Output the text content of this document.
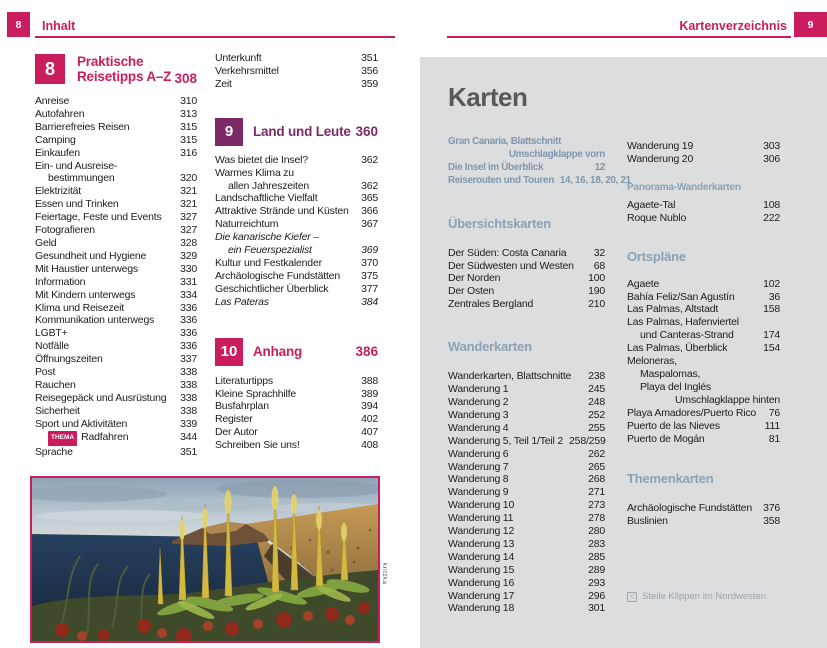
8	Inhalt
8	Praktische
Reisetipps A–Z 308
Anreise	310
Autofahren	313
Barrierefreies Reisen	315
Camping	315
Einkaufen	316
Ein- und Ausreise-
bestimmungen	320
Elektrizität	321
Essen und Trinken	321
Feiertage, Feste und Events	327
Fotografieren	327
Geld	328
Gesundheit und Hygiene	329
Mit Haustier unterwegs	330
Information	331
Mit Kindern unterwegs	334
Klima und Reisezeit	336
Kommunikation unterwegs	336
LGBT+	336
Notfälle	336
Öffnungszeiten	337
Post	338
Rauchen	338
Reisegepäck und Ausrüstung	338
Sicherheit	338
Sport und Aktivitäten	339
THEMA Radfahren	344
Sprache	351
Unterkunft	351
Verkehrsmittel	356
Zeit	359
9	Land und Leute 360
Was bietet die Insel?	362
Warmes Klima zu
allen Jahreszeiten	362
Landschaftliche Vielfalt	365
Attraktive Strände und Küsten	366
Naturreichtum	367
Die kanarische Kiefer –
ein Feuerspezialist	369
Kultur und Festkalender	370
Archäologische Fundstätten	375
Geschichtlicher Überblick	377
Las Pateras	384
10	Anhang	386
Literaturtipps	388
Kleine Sprachhilfe	389
Busfahrplan	394
Register	402
Der Autor	407
Schreiben Sie uns!	408
kritzka
Kartenverzeichnis	9
Karten
Gran Canaria, Blattschnitt
Umschlagklappe vorn
Die Insel im Überblick	12
Reiserouten und Touren 14, 16, 18, 20, 21
Übersichtskarten
Der Süden: Costa Canaria	32
Der Südwesten und Westen	68
Der Norden	100
Der Osten	190
Zentrales Bergland	210
Wanderkarten
Wanderkarten, Blattschnitte	238
Wanderung 1	245
Wanderung 2	248
Wanderung 3	252
Wanderung 4	255
Wanderung 5, Teil 1/Teil 2 258/259
Wanderung 6	262
Wanderung 7	265
Wanderung 8	268
Wanderung 9	271
Wanderung 10	273
Wanderung 11	278
Wanderung 12	280
Wanderung 13	283
Wanderung 14	285
Wanderung 15	289
Wanderung 16	293
Wanderung 17	296
Wanderung 18	301
Wanderung 19	303
Wanderung 20	306
Panorama-Wanderkarten
Agaete-Tal	108
Roque Nublo	222
Ortspläne
Agaete	102
Bahía Feliz/San Agustín	36
Las Palmas, Altstadt	158
Las Palmas, Hafenviertel
und Canteras-Strand	174
Las Palmas, Überblick	154
Meloneras,
Maspalomas,
Playa del Inglés
Umschlagklappe hinten
Playa Amadores/Puerto Rico	76
Puerto de las Nieves	111
Puerto de Mogán	81
Themenkarten
Archäologische Fundstätten	376
Buslinien	358
< Steile Klippen im Nordwesten
